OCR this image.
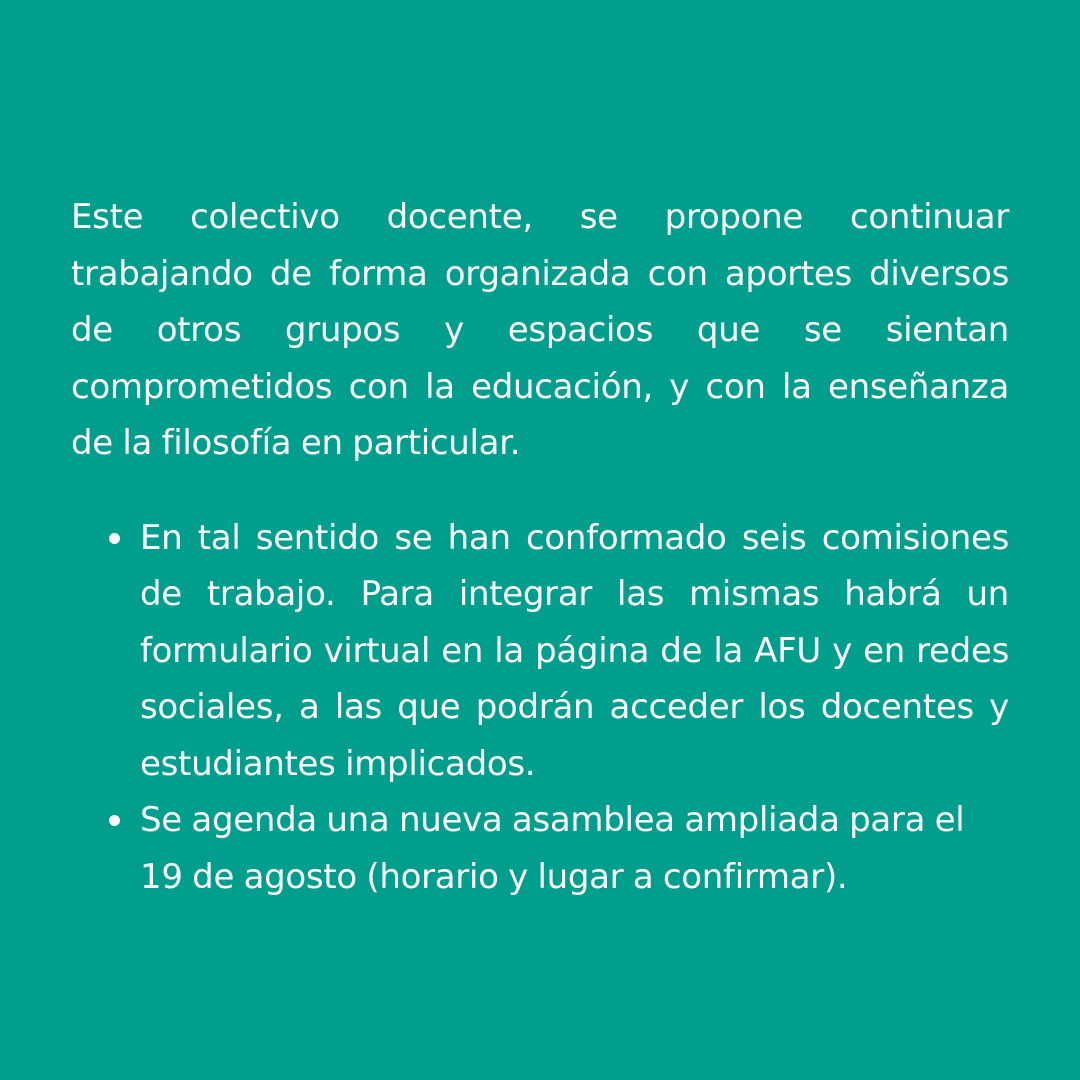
Este colectivo docente, se propone continuar trabajando de forma organizada con aportes diversos de otros grupos y espacios que se sientan comprometidos con la educación, y con la enseñanza de la filosofía en particular.

En tal sentido se han conformado seis comisiones de trabajo. Para integrar las mismas habrá un formulario virtual en la página de la AFU y en redes sociales, a las que podrán acceder los docentes y estudiantes implicados.
Se agenda una nueva asamblea ampliada para el 19 de agosto (horario y lugar a confirmar).
